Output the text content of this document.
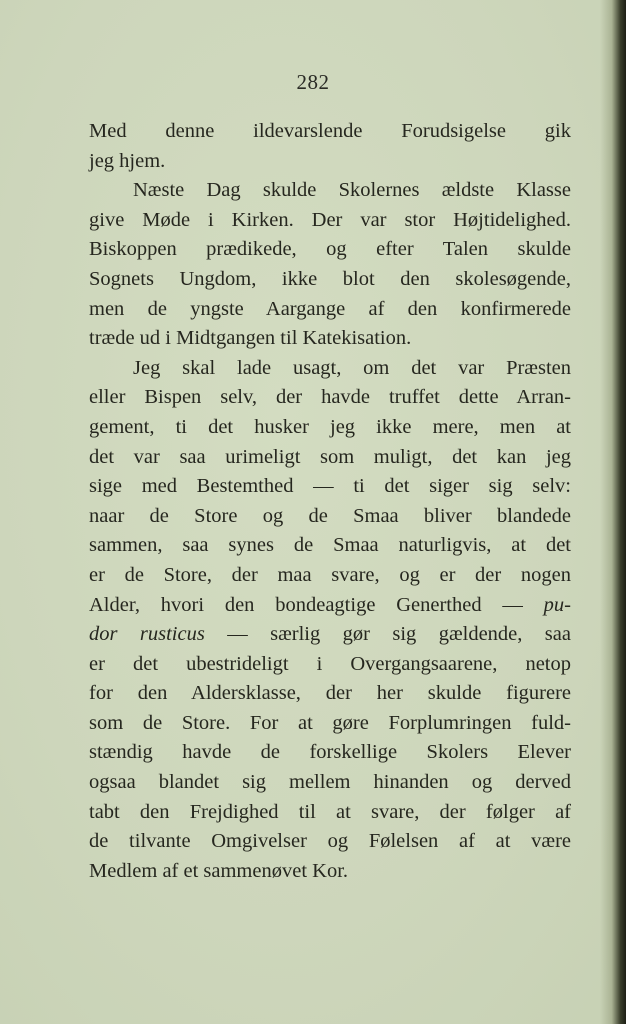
282
Med denne ildevarslende Forudsigelse gik
jeg hjem.
Næste Dag skulde Skolernes ældste Klasse
give Møde i Kirken. Der var stor Højtidelighed.
Biskoppen prædikede, og efter Talen skulde
Sognets Ungdom, ikke blot den skolesøgende,
men de yngste Aargange af den konfirmerede
træde ud i Midtgangen til Katekisation.
Jeg skal lade usagt, om det var Præsten
eller Bispen selv, der havde truffet dette Arran-
gement, ti det husker jeg ikke mere, men at
det var saa urimeligt som muligt, det kan jeg
sige med Bestemthed — ti det siger sig selv:
naar de Store og de Smaa bliver blandede
sammen, saa synes de Smaa naturligvis, at det
er de Store, der maa svare, og er der nogen
Alder, hvori den bondeagtige Generthed — pu-
dor rusticus — særlig gør sig gældende, saa
er det ubestrideligt i Overgangsaarene, netop
for den Aldersklasse, der her skulde figurere
som de Store. For at gøre Forplumringen fuld-
stændig havde de forskellige Skolers Elever
ogsaa blandet sig mellem hinanden og derved
tabt den Frejdighed til at svare, der følger af
de tilvante Omgivelser og Følelsen af at være
Medlem af et sammenøvet Kor.
